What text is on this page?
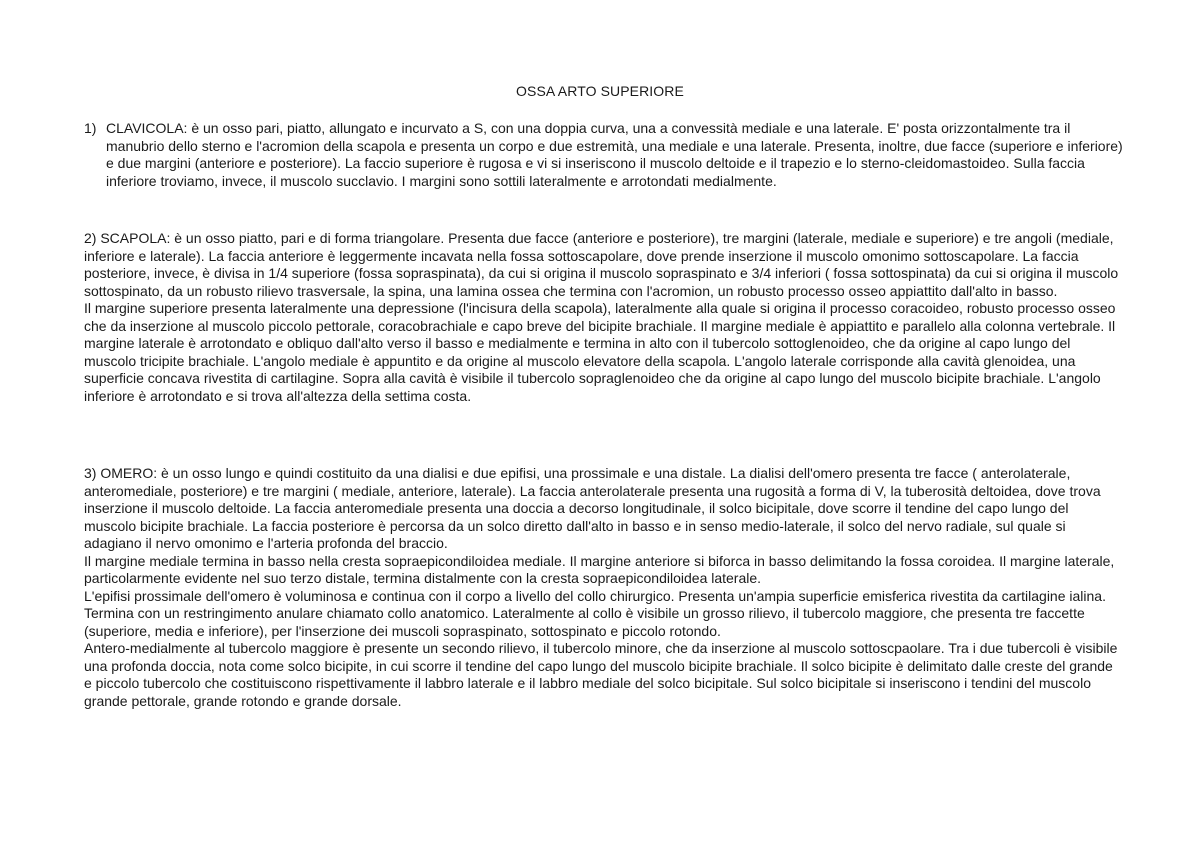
OSSA ARTO SUPERIORE
1) CLAVICOLA: è un osso pari, piatto, allungato e incurvato a S, con una doppia curva, una a convessità mediale e una laterale. E' posta orizzontalmente tra il manubrio dello sterno e l'acromion della scapola e presenta un corpo e due estremità, una mediale e una laterale. Presenta, inoltre, due facce (superiore e inferiore) e due margini (anteriore e posteriore). La faccio superiore è rugosa e vi si inseriscono il muscolo deltoide e il trapezio e lo sterno-cleidomastoideo. Sulla faccia inferiore troviamo, invece, il muscolo succlavio. I margini sono sottili lateralmente e arrotondati medialmente.

2) SCAPOLA: è un osso piatto, pari e di forma triangolare. Presenta due facce (anteriore e posteriore), tre margini (laterale, mediale e superiore) e tre angoli (mediale, inferiore e laterale). La faccia anteriore è leggermente incavata nella fossa sottoscapolare, dove prende inserzione il muscolo omonimo sottoscapolare. La faccia posteriore, invece, è divisa in 1/4 superiore (fossa sopraspinata), da cui si origina il muscolo sopraspinato e 3/4 inferiori ( fossa sottospinata) da cui si origina il muscolo sottospinato, da un robusto rilievo trasversale, la spina, una lamina ossea che termina con l'acromion, un robusto processo osseo appiattito dall'alto in basso.

Il margine superiore presenta lateralmente una depressione (l'incisura della scapola), lateralmente alla quale si origina il processo coracoideo, robusto processo osseo che da inserzione al muscolo piccolo pettorale, coracobrachiale e capo breve del bicipite brachiale. Il margine mediale è appiattito e parallelo alla colonna vertebrale. Il margine laterale è arrotondato e obliquo dall'alto verso il basso e medialmente e termina in alto con il tubercolo sottoglenoideo, che da origine al capo lungo del muscolo tricipite brachiale. L'angolo mediale è appuntito e da origine al muscolo elevatore della scapola. L'angolo laterale corrisponde alla cavità glenoidea, una superficie concava rivestita di cartilagine. Sopra alla cavità è visibile il tubercolo sopraglenoideo che da origine al capo lungo del muscolo bicipite brachiale. L'angolo inferiore è arrotondato e si trova all'altezza della settima costa.

3) OMERO: è un osso lungo e quindi costituito da una dialisi e due epifisi, una prossimale e una distale. La dialisi dell'omero presenta tre facce ( anterolaterale, anteromediale, posteriore) e tre margini ( mediale, anteriore, laterale). La faccia anterolaterale presenta una rugosità a forma di V, la tuberosità deltoidea, dove trova inserzione il muscolo deltoide. La faccia anteromediale presenta una doccia a decorso longitudinale, il solco bicipitale, dove scorre il tendine del capo lungo del muscolo bicipite brachiale. La faccia posteriore è percorsa da un solco diretto dall'alto in basso e in senso medio-laterale, il solco del nervo radiale, sul quale si adagiano il nervo omonimo e l'arteria profonda del braccio.

Il margine mediale termina in basso nella cresta sopraepicondiloidea mediale. Il margine anteriore si biforca in basso delimitando la fossa coroidea. Il margine laterale, particolarmente evidente nel suo terzo distale, termina distalmente con la cresta sopraepicondiloidea laterale.

L'epifisi prossimale dell'omero è voluminosa e continua con il corpo a livello del collo chirurgico. Presenta un'ampia superficie emisferica rivestita da cartilagine ialina. Termina con un restringimento anulare chiamato collo anatomico. Lateralmente al collo è visibile un grosso rilievo, il tubercolo maggiore, che presenta tre faccette (superiore, media e inferiore), per l'inserzione dei muscoli sopraspinato, sottospinato e piccolo rotondo.

Antero-medialmente al tubercolo maggiore è presente un secondo rilievo, il tubercolo minore, che da inserzione al muscolo sottoscpaolare. Tra i due tubercoli è visibile una profonda doccia, nota come solco bicipite, in cui scorre il tendine del capo lungo del muscolo bicipite brachiale. Il solco bicipite è delimitato dalle creste del grande e piccolo tubercolo che costituiscono rispettivamente il labbro laterale e il labbro mediale del solco bicipitale. Sul solco bicipitale si inseriscono i tendini del muscolo grande pettorale, grande rotondo e grande dorsale.
